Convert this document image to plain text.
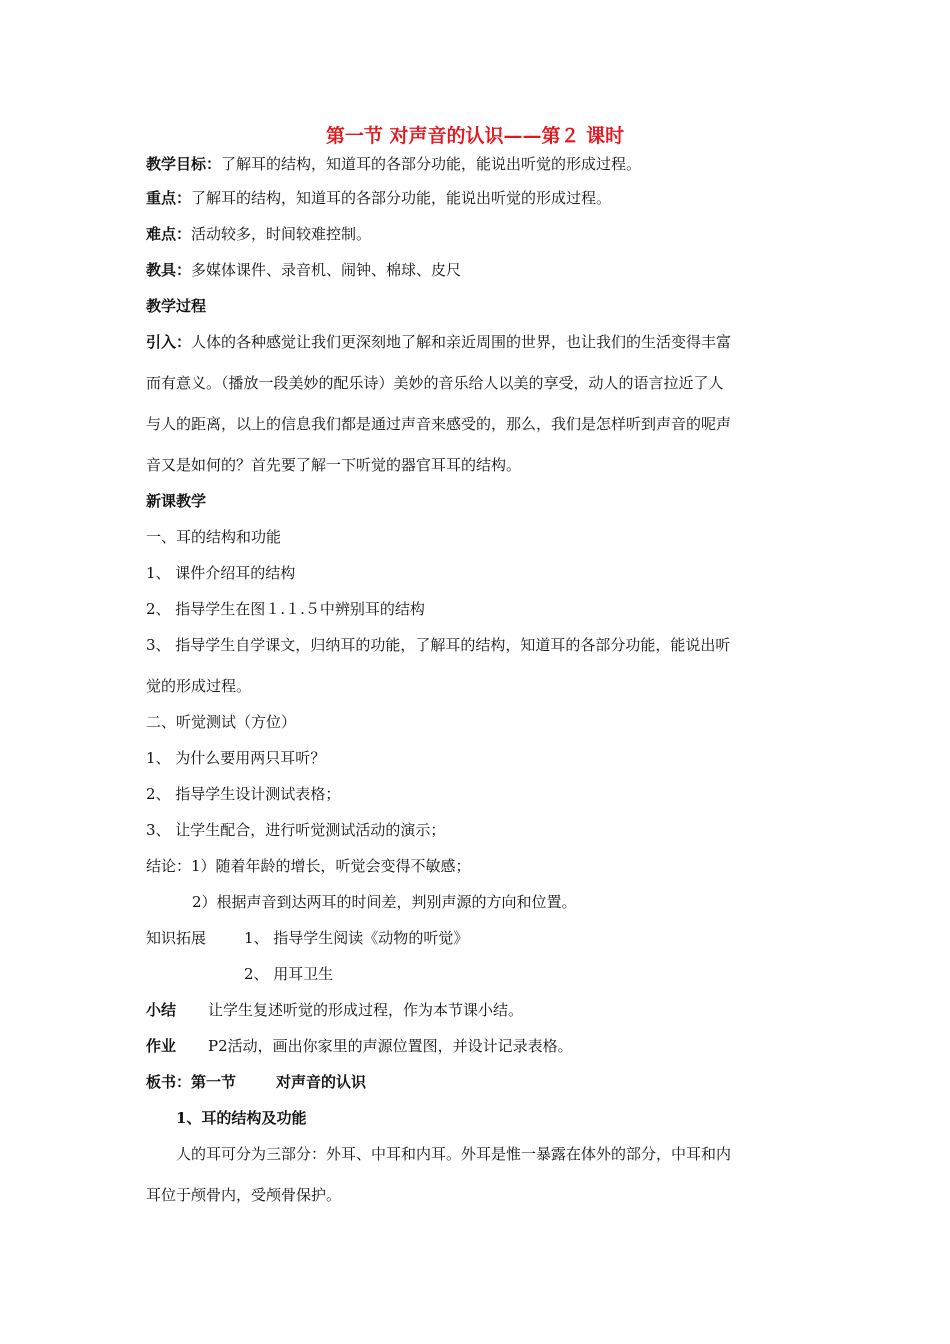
第一节 对声音的认识——第２ 课时
教学目标：了解耳的结构，知道耳的各部分功能，能说出听觉的形成过程。
重点：了解耳的结构，知道耳的各部分功能，能说出听觉的形成过程。
难点：活动较多，时间较难控制。
教具：多媒体课件、录音机、闹钟、棉球、皮尺
教学过程
引入：人体的各种感觉让我们更深刻地了解和亲近周围的世界，也让我们的生活变得丰富
而有意义。（播放一段美妙的配乐诗）美妙的音乐给人以美的享受，动人的语言拉近了人
与人的距离，以上的信息我们都是通过声音来感受的，那么，我们是怎样听到声音的呢声
音又是如何的？首先要了解一下听觉的器官耳耳的结构。
新课教学
一、耳的结构和功能
1、 课件介绍耳的结构
2、 指导学生在图１.１.５中辨别耳的结构
3、 指导学生自学课文，归纳耳的功能，了解耳的结构，知道耳的各部分功能，能说出听
觉的形成过程。
二、听觉测试（方位）
1、 为什么要用两只耳听？
2、 指导学生设计测试表格；
3、 让学生配合，进行听觉测试活动的演示；
结论：1）随着年龄的增长，听觉会变得不敏感；
2）根据声音到达两耳的时间差，判别声源的方向和位置。
知识拓展	1、 指导学生阅读《动物的听觉》
2、 用耳卫生
小结 让学生复述听觉的形成过程，作为本节课小结。
作业 P2活动，画出你家里的声源位置图，并设计记录表格。
板书：第一节	对声音的认识
1、耳的结构及功能
人的耳可分为三部分：外耳、中耳和内耳。外耳是惟一暴露在体外的部分，中耳和内
耳位于颅骨内，受颅骨保护。
